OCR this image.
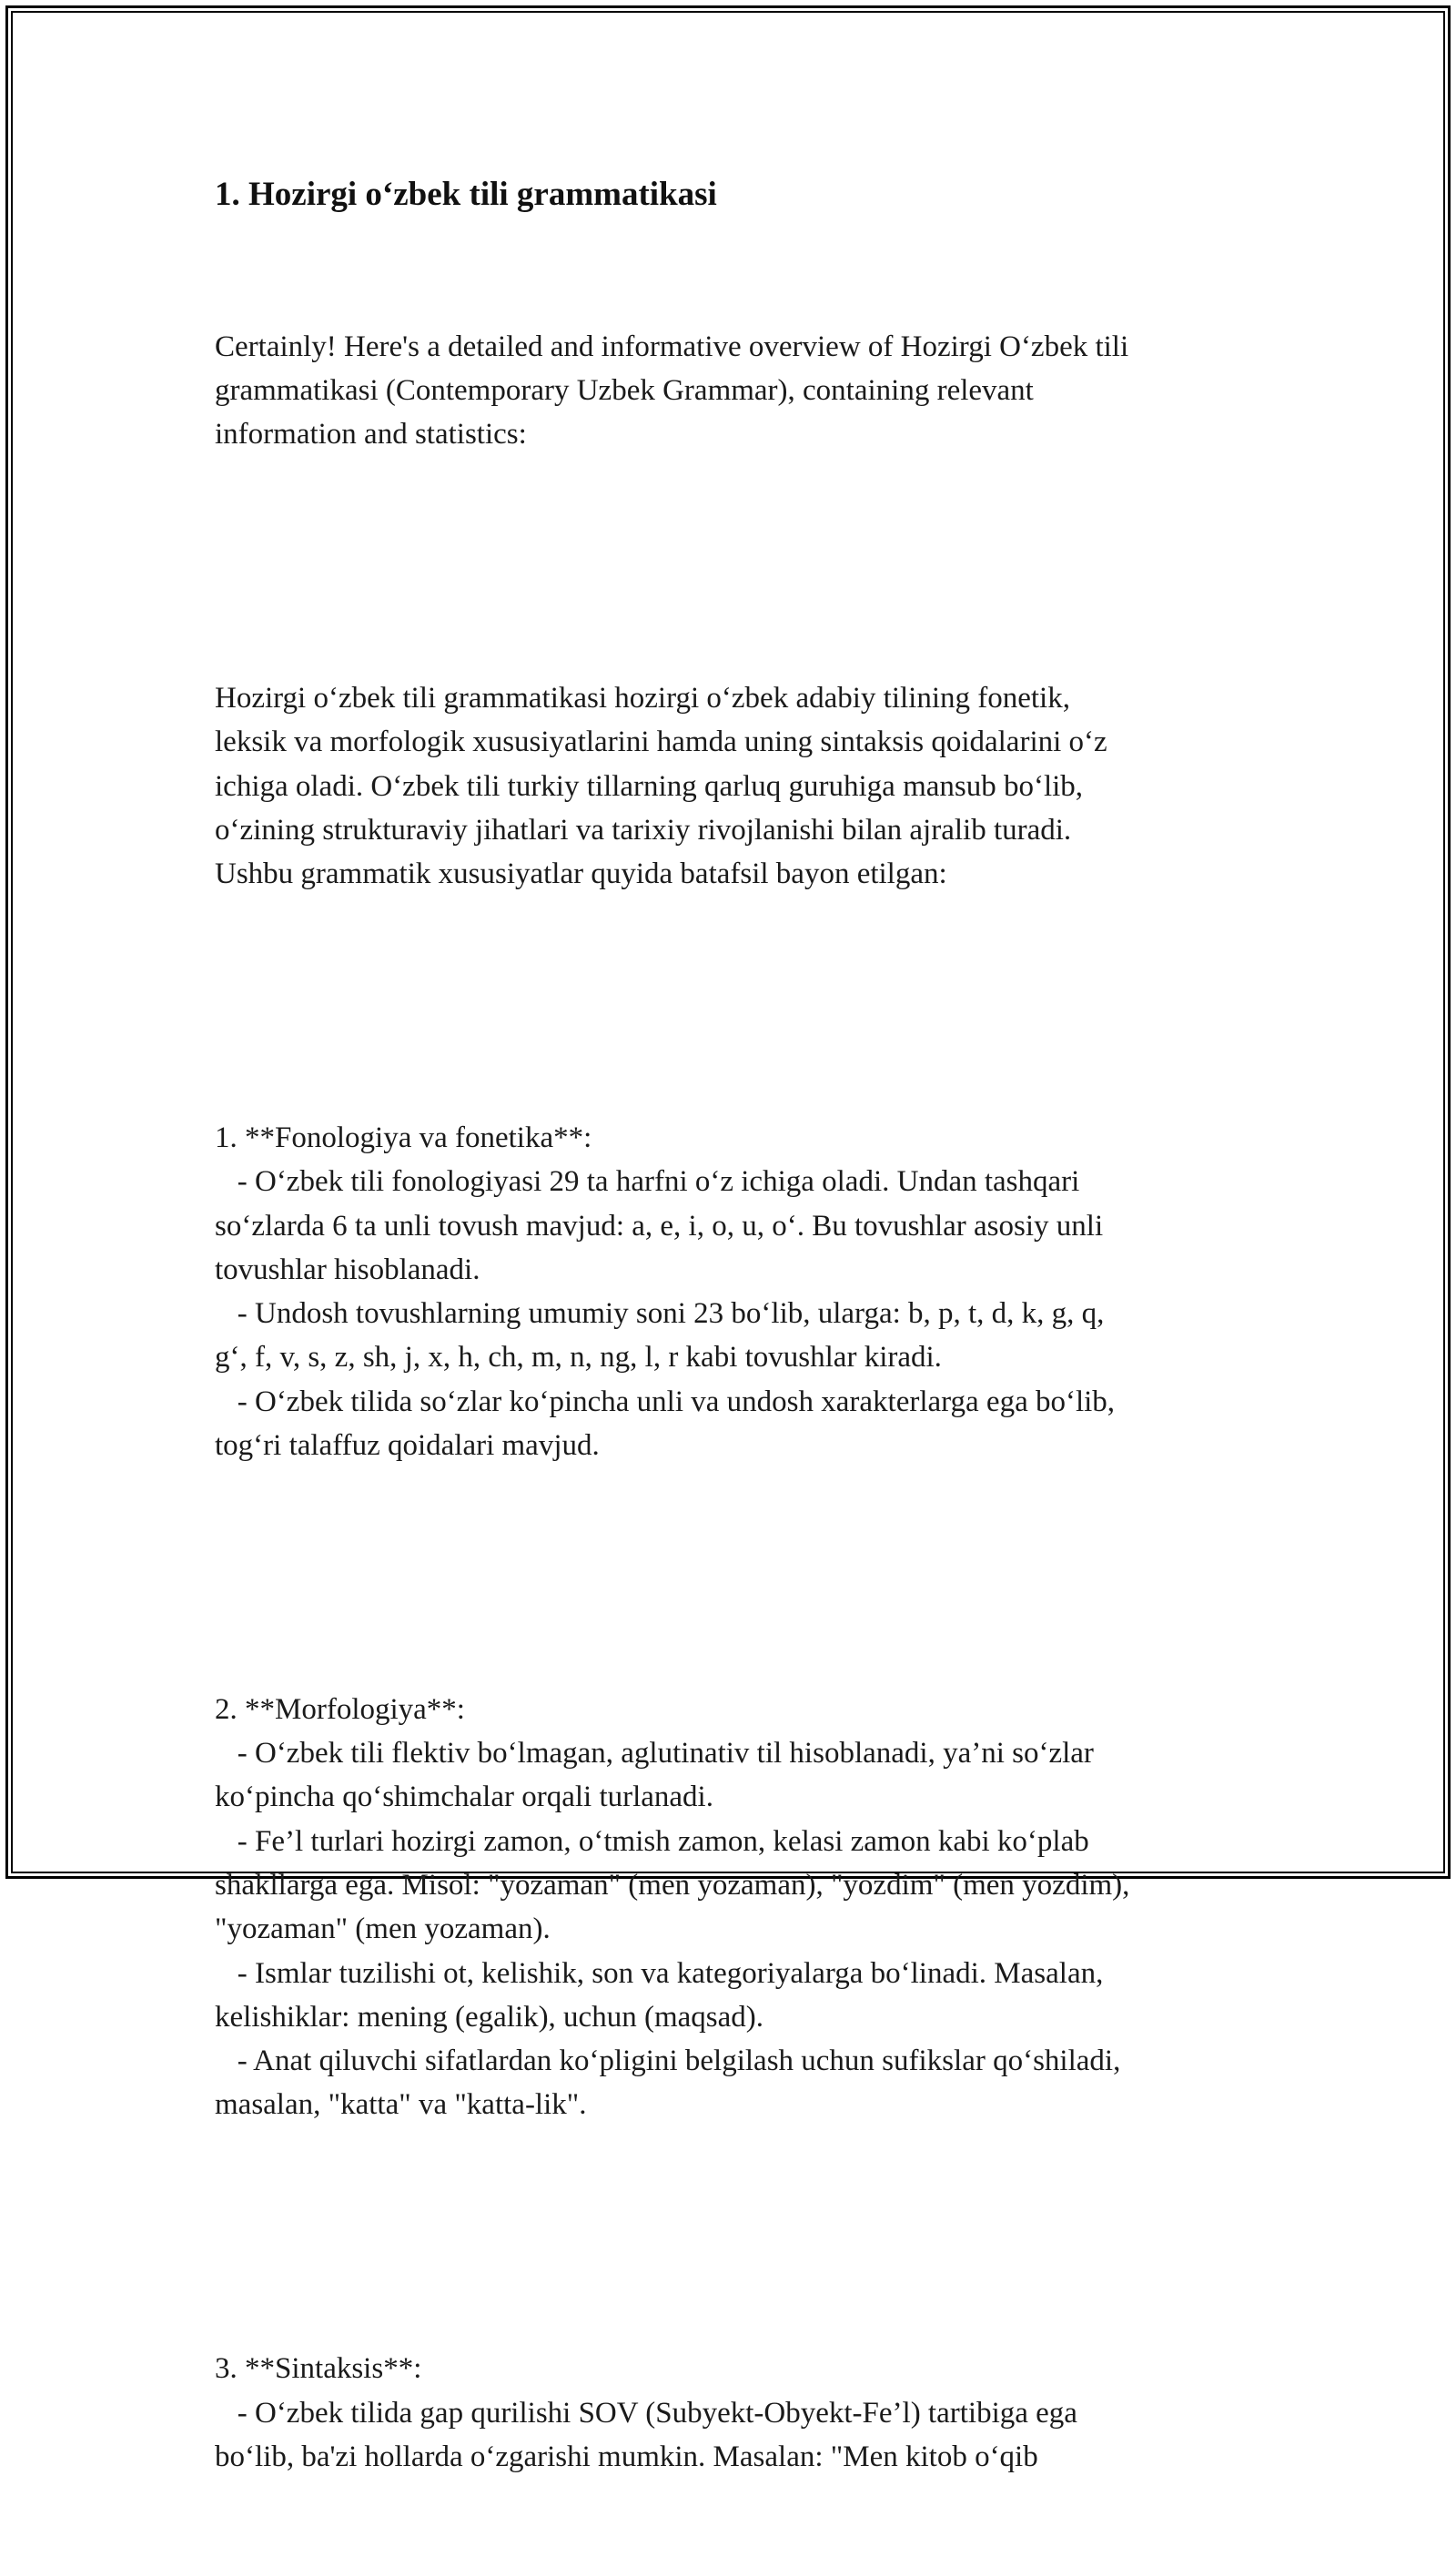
1. Hozirgi o‘zbek tili grammatikasi

Certainly! Here's a detailed and informative overview of Hozirgi O‘zbek tili
grammatikasi (Contemporary Uzbek Grammar), containing relevant
information and statistics:

Hozirgi o‘zbek tili grammatikasi hozirgi o‘zbek adabiy tilining fonetik,
leksik va morfologik xususiyatlarini hamda uning sintaksis qoidalarini o‘z
ichiga oladi. O‘zbek tili turkiy tillarning qarluq guruhiga mansub bo‘lib,
o‘zining strukturaviy jihatlari va tarixiy rivojlanishi bilan ajralib turadi.
Ushbu grammatik xususiyatlar quyida batafsil bayon etilgan:

1. **Fonologiya va fonetika**:
- O‘zbek tili fonologiyasi 29 ta harfni o‘z ichiga oladi. Undan tashqari
so‘zlarda 6 ta unli tovush mavjud: a, e, i, o, u, o‘. Bu tovushlar asosiy unli
tovushlar hisoblanadi.
- Undosh tovushlarning umumiy soni 23 bo‘lib, ularga: b, p, t, d, k, g, q,
g‘, f, v, s, z, sh, j, x, h, ch, m, n, ng, l, r kabi tovushlar kiradi.
- O‘zbek tilida so‘zlar ko‘pincha unli va undosh xarakterlarga ega bo‘lib,
tog‘ri talaffuz qoidalari mavjud.

2. **Morfologiya**:
- O‘zbek tili flektiv bo‘lmagan, aglutinativ til hisoblanadi, ya’ni so‘zlar
ko‘pincha qo‘shimchalar orqali turlanadi.
- Fe’l turlari hozirgi zamon, o‘tmish zamon, kelasi zamon kabi ko‘plab
shakllarga ega. Misol: "yozaman" (men yozaman), "yozdim" (men yozdim),
"yozaman" (men yozaman).
- Ismlar tuzilishi ot, kelishik, son va kategoriyalarga bo‘linadi. Masalan,
kelishiklar: mening (egalik), uchun (maqsad).
- Anat qiluvchi sifatlardan ko‘pligini belgilash uchun sufikslar qo‘shiladi,
masalan, "katta" va "katta-lik".

3. **Sintaksis**:
- O‘zbek tilida gap qurilishi SOV (Subyekt-Obyekt-Fe’l) tartibiga ega
bo‘lib, ba'zi hollarda o‘zgarishi mumkin. Masalan: "Men kitob o‘qib
